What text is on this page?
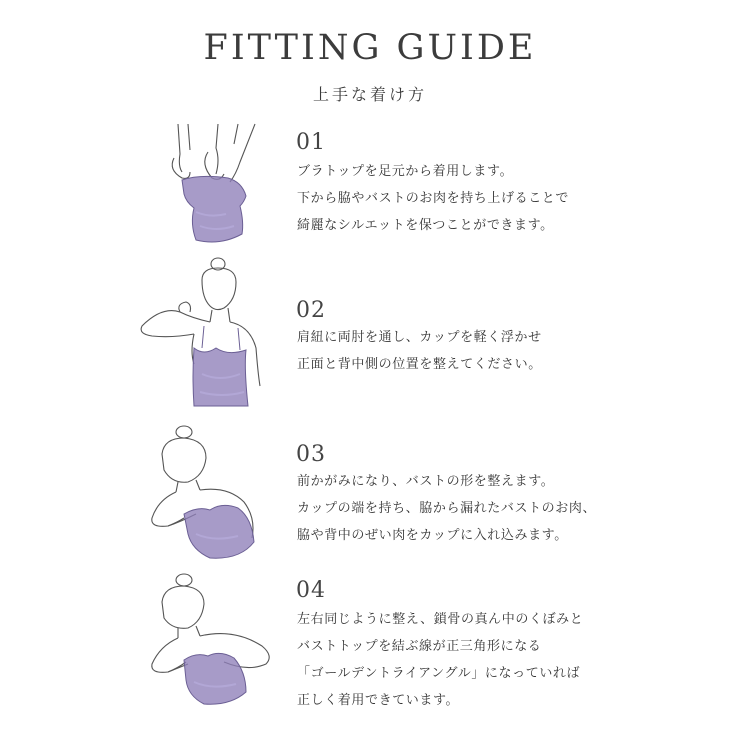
FITTING GUIDE
上手な着け方
01
ブラトップを足元から着用します。
下から脇やバストのお肉を持ち上げることで
綺麗なシルエットを保つことができます。
02
肩紐に両肘を通し、カップを軽く浮かせ
正面と背中側の位置を整えてください。
03
前かがみになり、バストの形を整えます。
カップの端を持ち、脇から漏れたバストのお肉、
脇や背中のぜい肉をカップに入れ込みます。
04
左右同じように整え、鎖骨の真ん中のくぼみと
バストトップを結ぶ線が正三角形になる
「ゴールデントライアングル」になっていれば
正しく着用できています。
